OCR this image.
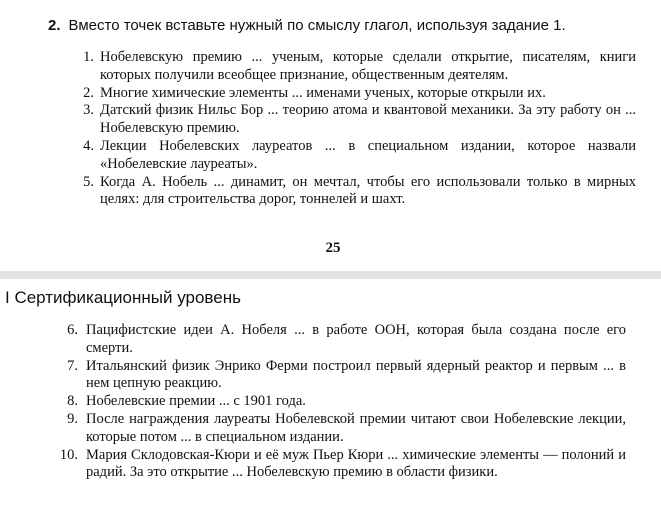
2. Вместо точек вставьте нужный по смыслу глагол, используя задание 1.
1. Нобелевскую премию ... ученым, которые сделали открытие, писателям, книги которых получили всеобщее признание, общественным деятелям.
2. Многие химические элементы ... именами ученых, которые открыли их.
3. Датский физик Нильс Бор ... теорию атома и квантовой механики. За эту работу он ... Нобелевскую премию.
4. Лекции Нобелевских лауреатов ... в специальном издании, которое назвали «Нобелевские лауреаты».
5. Когда А. Нобель ... динамит, он мечтал, чтобы его использовали только в мирных целях: для строительства дорог, тоннелей и шахт.
25
I Сертификационный уровень
6. Пацифистские идеи А. Нобеля ... в работе ООН, которая была создана после его смерти.
7. Итальянский физик Энрико Ферми построил первый ядерный реактор и первым ... в нем цепную реакцию.
8. Нобелевские премии ... с 1901 года.
9. После награждения лауреаты Нобелевской премии читают свои Нобелевские лекции, которые потом ... в специальном издании.
10. Мария Склодовская-Кюри и её муж Пьер Кюри ... химические элементы — полоний и радий. За это открытие ... Нобелевскую премию в области физики.
